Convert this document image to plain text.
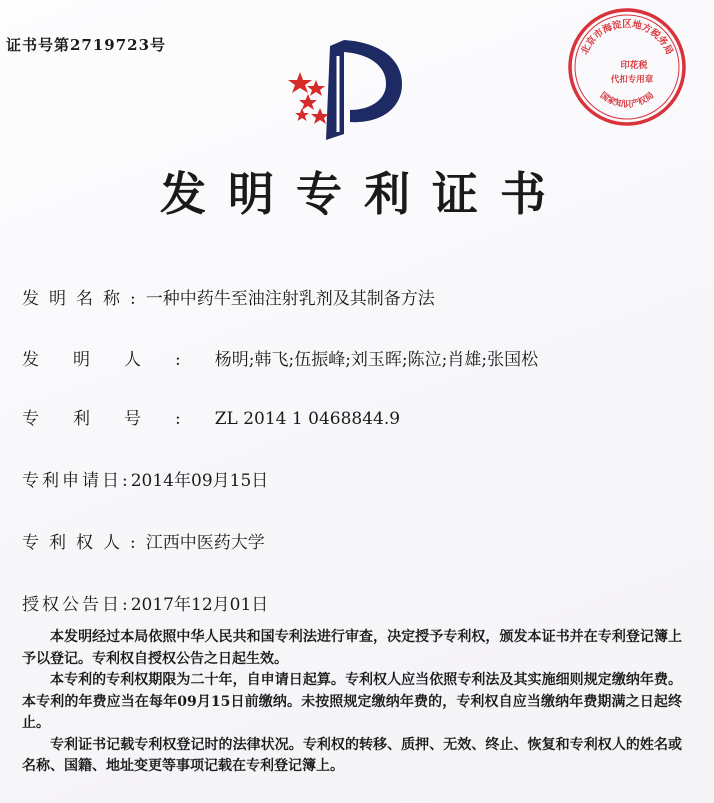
证书号第2719723号	北京市海淀区地方税务局
印花税
代扣专用章
国家知识产权局
发明专利证书
发明名称:一种中药牛至油注射乳剂及其制备方法
发明人:杨明;韩飞;伍振峰;刘玉晖;陈泣;肖雄;张国松
专利号:ZL 2014 1 0468844.9
专利申请日:2014年09月15日
专利权人:江西中医药大学
授权公告日:2017年12月01日

本发明经过本局依照中华人民共和国专利法进行审查，决定授予专利权，颁发本证书并在专利登记簿上予以登记。专利权自授权公告之日起生效。

本专利的专利权期限为二十年，自申请日起算。专利权人应当依照专利法及其实施细则规定缴纳年费。本专利的年费应当在每年09月15日前缴纳。未按照规定缴纳年费的，专利权自应当缴纳年费期满之日起终止。

专利证书记载专利权登记时的法律状况。专利权的转移、质押、无效、终止、恢复和专利权人的姓名或名称、国籍、地址变更等事项记载在专利登记簿上。
